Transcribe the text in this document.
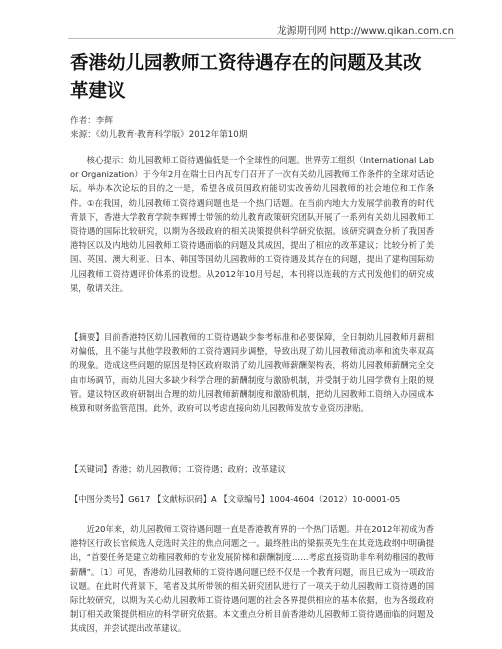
龙源期刊网 http://www.qikan.com.cn
香港幼儿园教师工资待遇存在的问题及其改革建议
作者：李辉
来源：《幼儿教育·教育科学版》2012年第10期

核心提示：幼儿园教师工资待遇偏低是一个全球性的问题。世界劳工组织（International Labor Organization）于今年2月在瑞士日内瓦专门召开了一次有关幼儿园教师工作条件的全球对话论坛。举办本次论坛的目的之一是，希望各成员国政府能切实改善幼儿园教师的社会地位和工作条件。①在我国，幼儿园教师工资待遇问题也是一个热门话题。在当前内地大力发展学前教育的时代背景下，香港大学教育学院李辉博士带领的幼儿教育政策研究团队开展了一系列有关幼儿园教师工资待遇的国际比较研究，以期为各级政府的相关决策提供科学研究依据。该研究调查分析了我国香港特区以及内地幼儿园教师工资待遇面临的问题及其成因，提出了相应的改革建议；比较分析了美国、英国、澳大利亚、日本、韩国等国幼儿园教师的工资待遇及其存在的问题，提出了建构国际幼儿园教师工资待遇评价体系的设想。从2012年10月号起，本刊将以连载的方式刊发他们的研究成果，敬请关注。

【摘要】目前香港特区幼儿园教师的工资待遇缺少参考标准和必要保障，全日制幼儿园教师月薪相对偏低，且不能与其他学段教师的工资待遇同步调整，导致出现了幼儿园教师流动率和流失率双高的现象。造成这些问题的原因是特区政府取消了幼儿园教师薪酬架构表，将幼儿园教师薪酬完全交由市场调节，而幼儿园大多缺少科学合理的薪酬制度与激励机制，并受制于幼儿园学费有上限的规管。建议特区政府研制出合理的幼儿园教师薪酬制度和激励机制，把幼儿园教师工资纳入办园成本核算和财务监管范围。此外，政府可以考虑直接向幼儿园教师发放专业资历津贴。

【关键词】香港；幼儿园教师；工资待遇；政府；改革建议

【中图分类号】G617 【文献标识码】A 【文章编号】1004-4604（2012）10-0001-05

近20年来，幼儿园教师工资待遇问题一直是香港教育界的一个热门话题。并在2012年初成为香港特区行政长官候选人竞选时关注的焦点问题之一。最终胜出的梁振英先生在其竞选政纲中明确提出，“首要任务是建立幼稚园教师的专业发展阶梯和薪酬制度……考虑直接资助非牟利幼稚园的教师薪酬”。〔1〕可见，香港幼儿园教师的工资待遇问题已经不仅是一个教育问题，而且已成为一项政治议题。在此时代背景下，笔者及其所带领的相关研究团队进行了一项关于幼儿园教师工资待遇的国际比较研究，以期为关心幼儿园教师工资待遇问题的社会各界提供相应的基本依据，也为各级政府制订相关政策提供相应的科学研究依据。本文重点分析目前香港幼儿园教师工资待遇面临的问题及其成因，并尝试提出改革建议。
